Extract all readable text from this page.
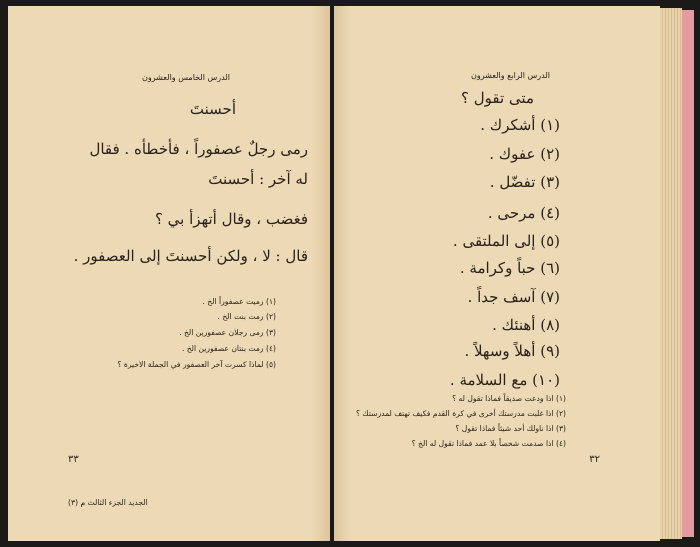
الدرس الخامس والعشرون
أحسنتَ
رمى رجلٌ عصفوراً ، فأخطأه . فقال
له آخر : أحسنتَ
فغضب ، وقال أتهزأ بي ؟
قال : لا ، ولكن أحسنتَ إلى العصفور .
(١) رميت عصفوراً الخ .
(٢) رمت بنت الخ .
(٣) رمى رجلان عصفورين الخ .
(٤) رمت بنتان عصفورين الخ .
(٥) لماذا كسرت آخر العصفور في الجملة الاخيرة ؟
٣٣
الجديد الجزء الثالث م (٣)
الدرس الرابع والعشرون
متى تقول ؟
(١) أشكرك .
(٢) عفوك .
(٣) تفضّل .
(٤) مرحى .
(٥) إلى الملتقى .
(٦) حباً وكرامة .
(٧) آسف جداً .
(٨) أهنئك .
(٩) أهلاً وسهلاً .
(١٠) مع السلامة .
(١) اذا ودعت صديقاً فماذا تقول له ؟
(٢) اذا غلبت مدرستك أخرى في كرة القدم فكيف تهتف لمدرستك ؟
(٣) اذا ناولك أحد شيئاً فماذا تقول ؟
(٤) اذا صدمت شخصاً بلا عمد فماذا تقول له الخ ؟
٣٢
